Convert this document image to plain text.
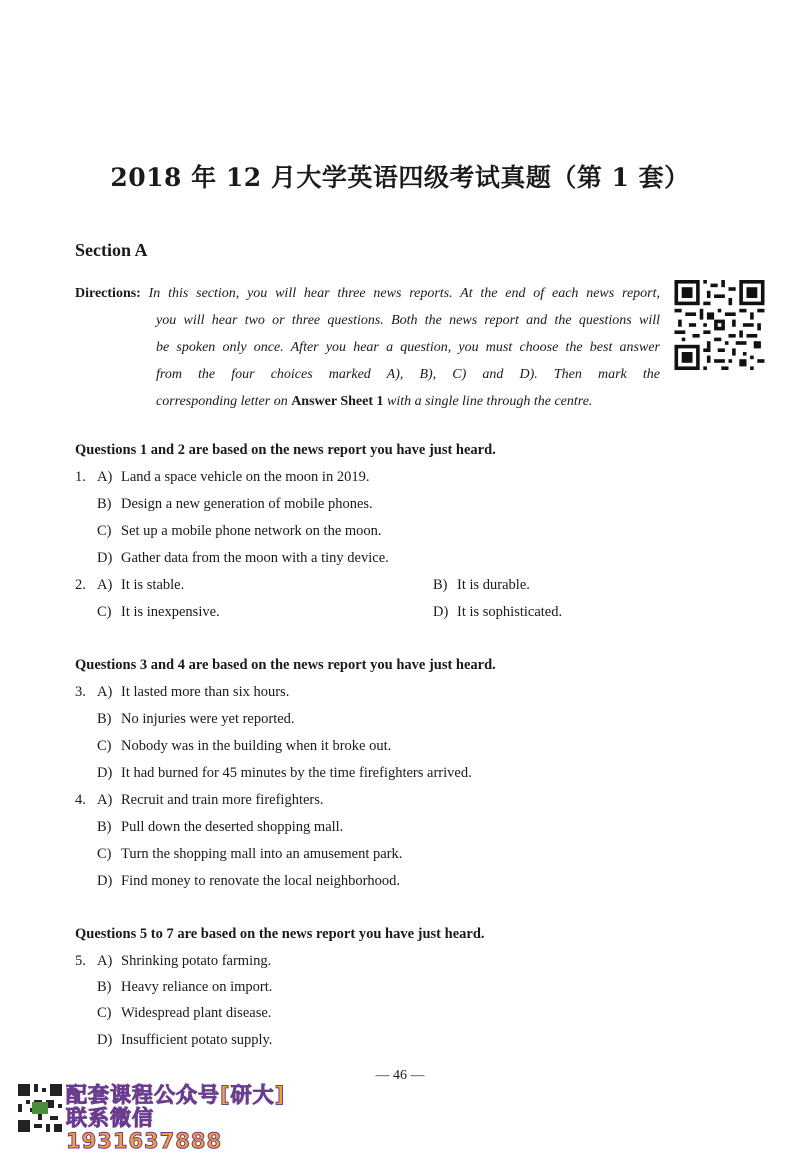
2018 年 12 月大学英语四级考试真题（第 1 套）
Section A
Directions: In this section, you will hear three news reports. At the end of each news report,
you will hear two or three questions. Both the news report and the questions will
be spoken only once. After you hear a question, you must choose the best answer
from the four choices marked A), B), C) and D). Then mark the
corresponding letter on Answer Sheet 1 with a single line through the centre.
Questions 1 and 2 are based on the news report you have just heard.
1. A) Land a space vehicle on the moon in 2019.
B) Design a new generation of mobile phones.
C) Set up a mobile phone network on the moon.
D) Gather data from the moon with a tiny device.
2. A) It is stable.	B) It is durable.
C) It is inexpensive.	D) It is sophisticated.
Questions 3 and 4 are based on the news report you have just heard.
3. A) It lasted more than six hours.
B) No injuries were yet reported.
C) Nobody was in the building when it broke out.
D) It had burned for 45 minutes by the time firefighters arrived.
4. A) Recruit and train more firefighters.
B) Pull down the deserted shopping mall.
C) Turn the shopping mall into an amusement park.
D) Find money to renovate the local neighborhood.
Questions 5 to 7 are based on the news report you have just heard.
5. A) Shrinking potato farming.
B) Heavy reliance on import.
C) Widespread plant disease.
D) Insufficient potato supply.
— 46 —
配套课程公众号[研大]
联系微信1931637888
